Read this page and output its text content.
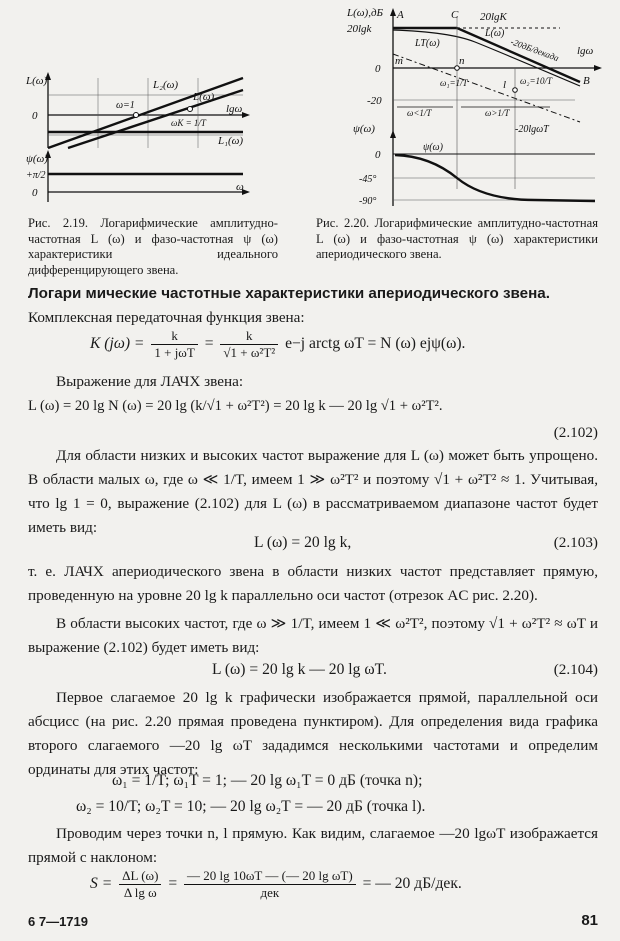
L(ω)
0
L₂(ω)
L(ω)
ω=1	lgω
ωK = 1/T
L₁(ω)
ψ(ω)
+π/2
0	ω
L(ω),дБ A
20lgk
C 20lgK
LT(ω)
L(ω)
-20дБ/декада lgω
0
m	n
B
ω₁=1/T	l ω₂=10/T
-20
ω<1/T	ω>1/T
-20lgωT
ψ(ω)
ψ(ω)
0
-45°
-90°
Рис. 2.19. Логарифмические амплитудно-частотная L (ω) и фазо-частотная ψ (ω) характеристики идеального дифференцирующего звена.
Рис. 2.20. Логарифмические амплитудно-частотная L (ω) и фазо-частотная ψ (ω) характеристики апериодического звена.
Логари мические частотные характеристики апериодического звена. Комплексная передаточная функция звена:
K $(j\omega) = \frac{k}{\text{1 + jωT}} = \frac{k}{\text{√1 + ω²T²}} e-j$ arctg ωT = N (ω) ejψ(ω).
Выражение для ЛАЧХ звена:
L (ω) = 20 lg N (ω) = 20 lg (k/√1 + ω²T²) = 20 lg k — 20 lg √1 + ω²T².
(2.102)
Для области низких и высоких частот выражение для L (ω) может быть упрощено. В области малых ω, где ω ≪ 1/T, имеем 1 ≫ ω²T² и поэтому √1 + ω²T² ≈ 1. Учитывая, что lg 1 = 0, выражение (2.102) для L (ω) в рассматриваемом диапазоне частот будет иметь вид:
L (ω) = 20 lg k,	(2.103)
т. е. ЛАЧХ апериодического звена в области низких частот представляет прямую, проведенную на уровне 20 lg k параллельно оси частот (отрезок AC рис. 2.20).
В области высоких частот, где ω ≫ 1/T, имеем 1 ≪ ω²T², поэтому √1 + ω²T² ≈ ωT и выражение (2.102) будет иметь вид:
L (ω) = 20 lg k — 20 lg ωT.	(2.104)
Первое слагаемое 20 lg k графически изображается прямой, параллельной оси абсцисс (на рис. 2.20 прямая проведена пунктиром). Для определения вида графика второго слагаемого —20 lg ωT зададимся несколькими частотами и определим ординаты для этих частот:
ω₁ = 1/T; ω₁T = 1; — 20 lg ω₁T = 0 дБ (точка n);
ω₂ = 10/T; ω₂T = 10; — 20 lg ω₂T = — 20 дБ (точка l).
Проводим через точки n, l прямую. Как видим, слагаемое —20 lgωT изображается прямой с наклоном:
$S = \frac{\Delta L (\omega)}{\text{Δ lg ω}} = \frac{\text{— 20 lg 10ωT — (— 20 lg ωT)}}{\text{дек}}$ = — 20 дБ/дек.
6 7—1719	81
